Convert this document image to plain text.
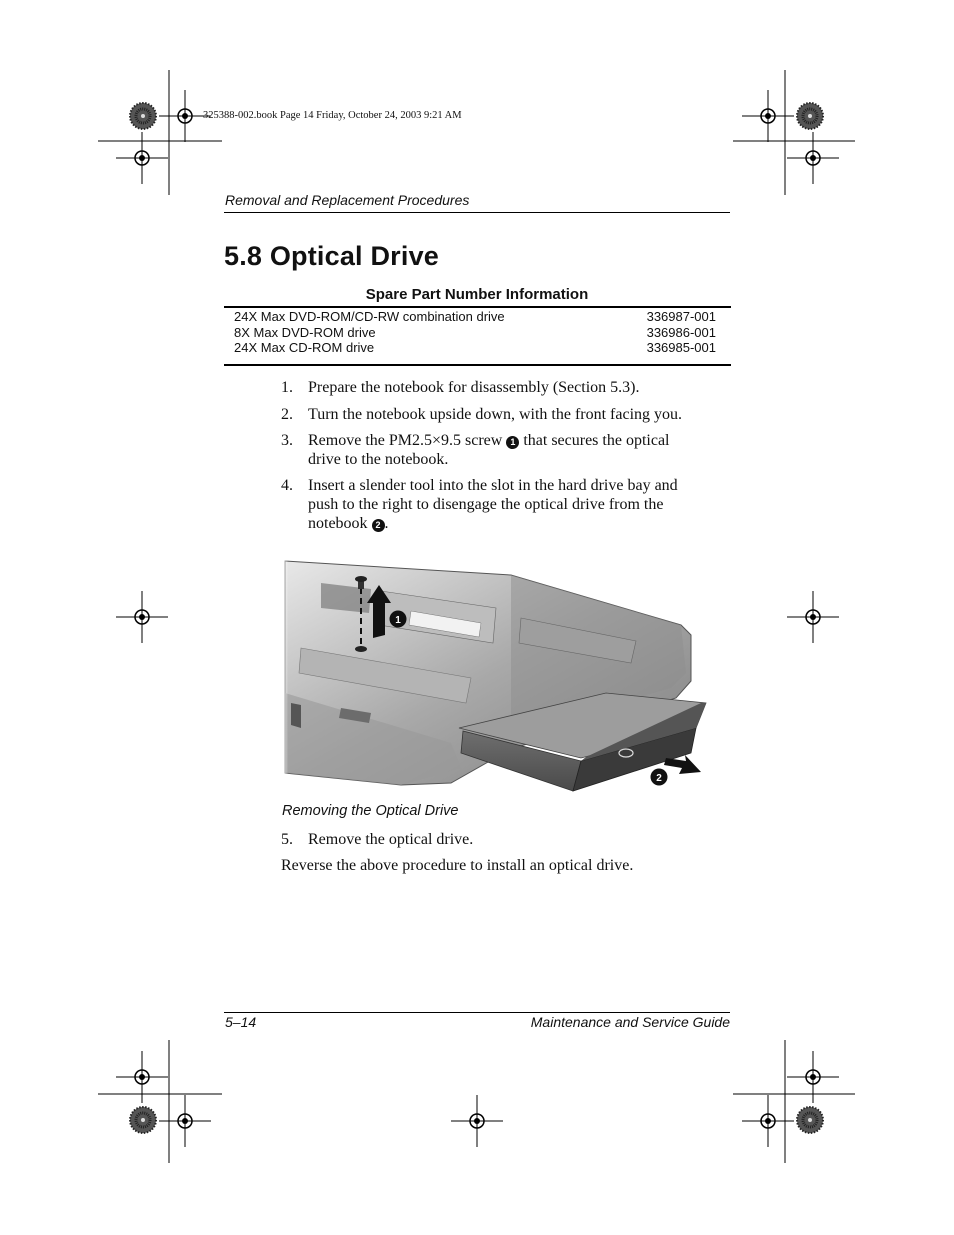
325388-002.book Page 14 Friday, October 24, 2003 9:21 AM
Removal and Replacement Procedures
5.8 Optical Drive
Spare Part Number Information
24X Max DVD-ROM/CD-RW combination drive	336987-001
8X Max DVD-ROM drive	336986-001
24X Max CD-ROM drive	336985-001
1. Prepare the notebook for disassembly (Section 5.3).
2. Turn the notebook upside down, with the front facing you.
3. Remove the PM2.5×9.5 screw 1 that secures the optical
drive to the notebook.
4. Insert a slender tool into the slot in the hard drive bay and
push to the right to disengage the optical drive from the
notebook 2 .
1
2
Removing the Optical Drive
5. Remove the optical drive.
Reverse the above procedure to install an optical drive.
5–14	Maintenance and Service Guide
